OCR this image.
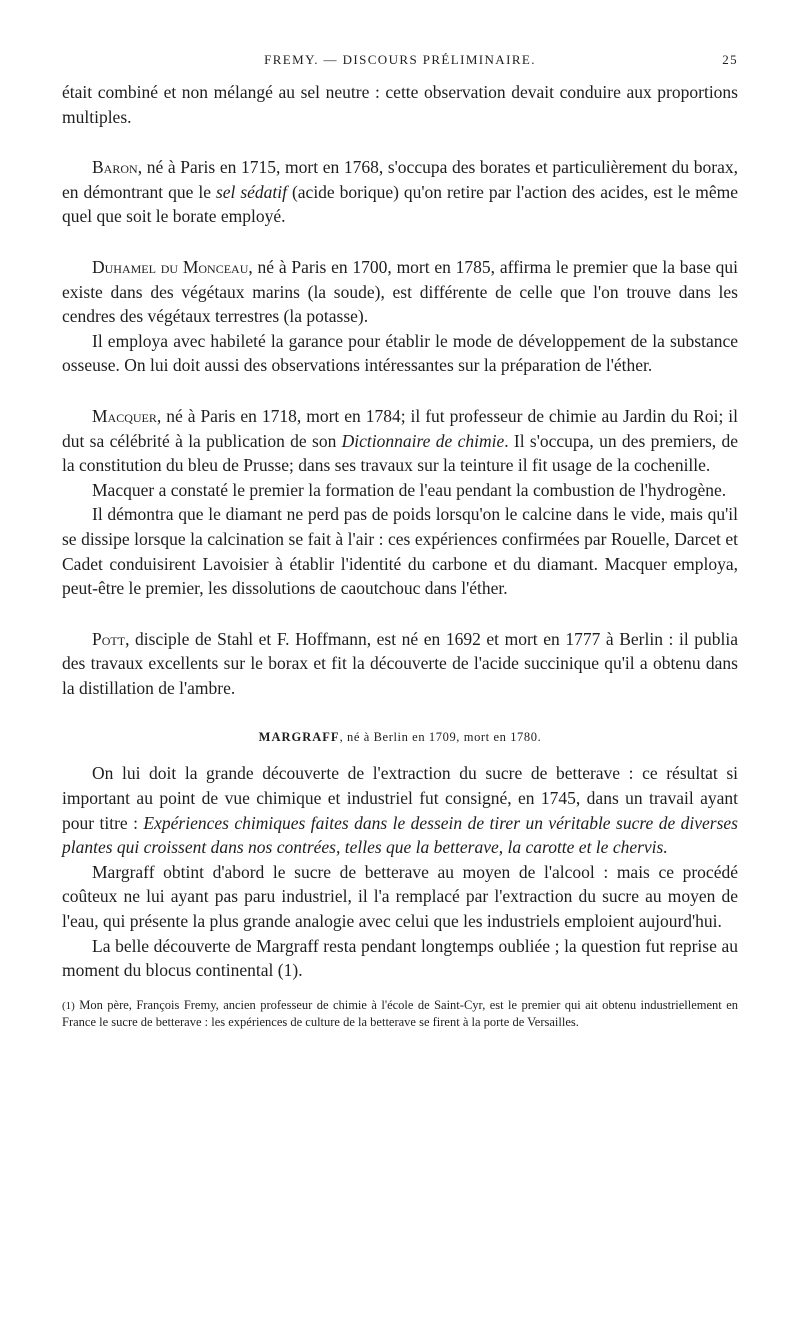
FREMY. — DISCOURS PRÉLIMINAIRE.	25

était combiné et non mélangé au sel neutre : cette observation devait conduire aux proportions multiples.

Baron, né à Paris en 1715, mort en 1768, s'occupa des borates et particulièrement du borax, en démontrant que le sel sédatif (acide borique) qu'on retire par l'action des acides, est le même quel que soit le borate employé.

Duhamel du Monceau, né à Paris en 1700, mort en 1785, affirma le premier que la base qui existe dans des végétaux marins (la soude), est différente de celle que l'on trouve dans les cendres des végétaux terrestres (la potasse).

Il employa avec habileté la garance pour établir le mode de développement de la substance osseuse. On lui doit aussi des observations intéressantes sur la préparation de l'éther.

Macquer, né à Paris en 1718, mort en 1784; il fut professeur de chimie au Jardin du Roi; il dut sa célébrité à la publication de son Dictionnaire de chimie. Il s'occupa, un des premiers, de la constitution du bleu de Prusse; dans ses travaux sur la teinture il fit usage de la cochenille.

Macquer a constaté le premier la formation de l'eau pendant la combustion de l'hydrogène.

Il démontra que le diamant ne perd pas de poids lorsqu'on le calcine dans le vide, mais qu'il se dissipe lorsque la calcination se fait à l'air : ces expériences confirmées par Rouelle, Darcet et Cadet conduisirent Lavoisier à établir l'identité du carbone et du diamant. Macquer employa, peut-être le premier, les dissolutions de caoutchouc dans l'éther.

Pott, disciple de Stahl et F. Hoffmann, est né en 1692 et mort en 1777 à Berlin : il publia des travaux excellents sur le borax et fit la découverte de l'acide succinique qu'il a obtenu dans la distillation de l'ambre.

MARGRAFF, né à Berlin en 1709, mort en 1780.

On lui doit la grande découverte de l'extraction du sucre de betterave : ce résultat si important au point de vue chimique et industriel fut consigné, en 1745, dans un travail ayant pour titre : Expériences chimiques faites dans le dessein de tirer un véritable sucre de diverses plantes qui croissent dans nos contrées, telles que la betterave, la carotte et le chervis.

Margraff obtint d'abord le sucre de betterave au moyen de l'alcool : mais ce procédé coûteux ne lui ayant pas paru industriel, il l'a remplacé par l'extraction du sucre au moyen de l'eau, qui présente la plus grande analogie avec celui que les industriels emploient aujourd'hui.

La belle découverte de Margraff resta pendant longtemps oubliée ; la question fut reprise au moment du blocus continental (1).

(1) Mon père, François Fremy, ancien professeur de chimie à l'école de Saint-Cyr, est le premier qui ait obtenu industriellement en France le sucre de betterave : les expériences de culture de la betterave se firent à la porte de Versailles.
